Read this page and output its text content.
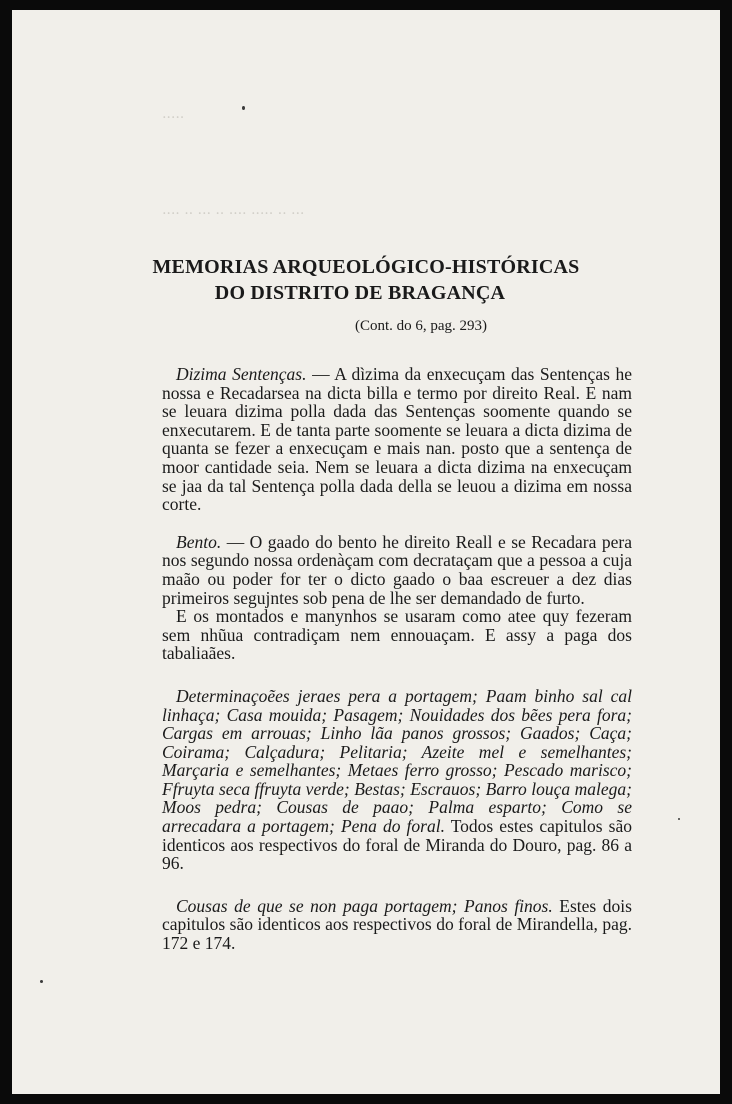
·····
··· ·· ····· ···· ·· ··· ·· ····
MEMORIAS ARQUEOLÓGICO-HISTÓRICAS
DO DISTRITO DE BRAGANÇA
(Cont. do 6, pag. 293)

Dizima Sentenças. — A dìzima da enxecuçam das Sentenças he nossa e Recadarsea na dicta billa e termo por direito Real. E nam se leuara dizima polla dada das Sentenças soomente quando se enxecutarem. E de tanta parte soomente se leuara a dicta dizima de quanta se fezer a enxecuçam e mais nan. posto que a sentença de moor cantidade seia. Nem se leuara a dicta dizima na enxecuçam se jaa da tal Sentença polla dada della se leuou a dizima em nossa corte.

Bento. — O gaado do bento he direito Reall e se Recadara pera nos segundo nossa ordenàçam com decrataçam que a pessoa a cuja maão ou poder for ter o dicto gaado o baa escreuer a dez dias primeiros segujntes sob pena de lhe ser demandado de furto.

E os montados e manynhos se usaram como atee quy fezeram sem nhũua contradiçam nem ennouaçam. E assy a paga dos tabaliaães.

Determinaçoẽes jeraes pera a portagem; Paam binho sal cal linhaça; Casa mouida; Pasagem; Nouidades dos bẽes pera fora; Cargas em arrouas; Linho lãa panos grossos; Gaados; Caça; Coirama; Calçadura; Pelitaria; Azeite mel e semelhantes; Marçaria e semelhantes; Metaes ferro grosso; Pescado marisco; Ffruyta seca ffruyta verde; Bestas; Escrauos; Barro louça malega; Moos pedra; Cousas de paao; Palma esparto; Como se arrecadara a portagem; Pena do foral. Todos estes capitulos são identicos aos respectivos do foral de Miranda do Douro, pag. 86 a 96.

Cousas de que se non paga portagem; Panos finos. Estes dois capitulos são identicos aos respectivos do foral de Mirandella, pag. 172 e 174.
